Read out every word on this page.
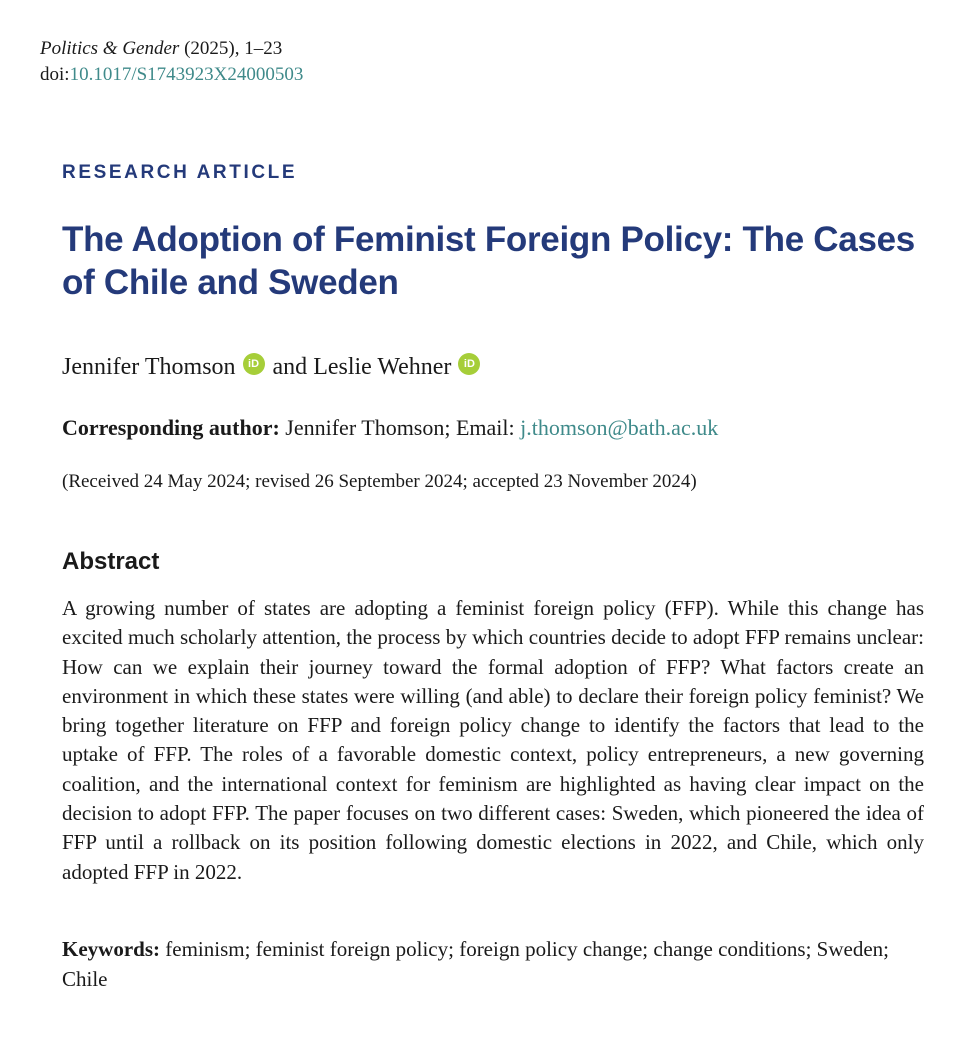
Politics & Gender (2025), 1–23
doi:10.1017/S1743923X24000503
RESEARCH ARTICLE
The Adoption of Feminist Foreign Policy: The Cases of Chile and Sweden
Jennifer Thomson	iD and
Leslie Wehner	iD
Corresponding author: Jennifer Thomson; Email: j.thomson@bath.ac.uk
(Received 24 May 2024; revised 26 September 2024; accepted 23 November 2024)
Abstract

A growing number of states are adopting a feminist foreign policy (FFP). While this change has excited much scholarly attention, the process by which countries decide to adopt FFP remains unclear: How can we explain their journey toward the formal adoption of FFP? What factors create an environment in which these states were willing (and able) to declare their foreign policy feminist? We bring together literature on FFP and foreign policy change to identify the factors that lead to the uptake of FFP. The roles of a favorable domestic context, policy entrepreneurs, a new governing coalition, and the international context for feminism are highlighted as having clear impact on the decision to adopt FFP. The paper focuses on two different cases: Sweden, which pioneered the idea of FFP until a rollback on its position following domestic elections in 2022, and Chile, which only adopted FFP in 2022.

Keywords: feminism; feminist foreign policy; foreign policy change; change conditions; Sweden; Chile
